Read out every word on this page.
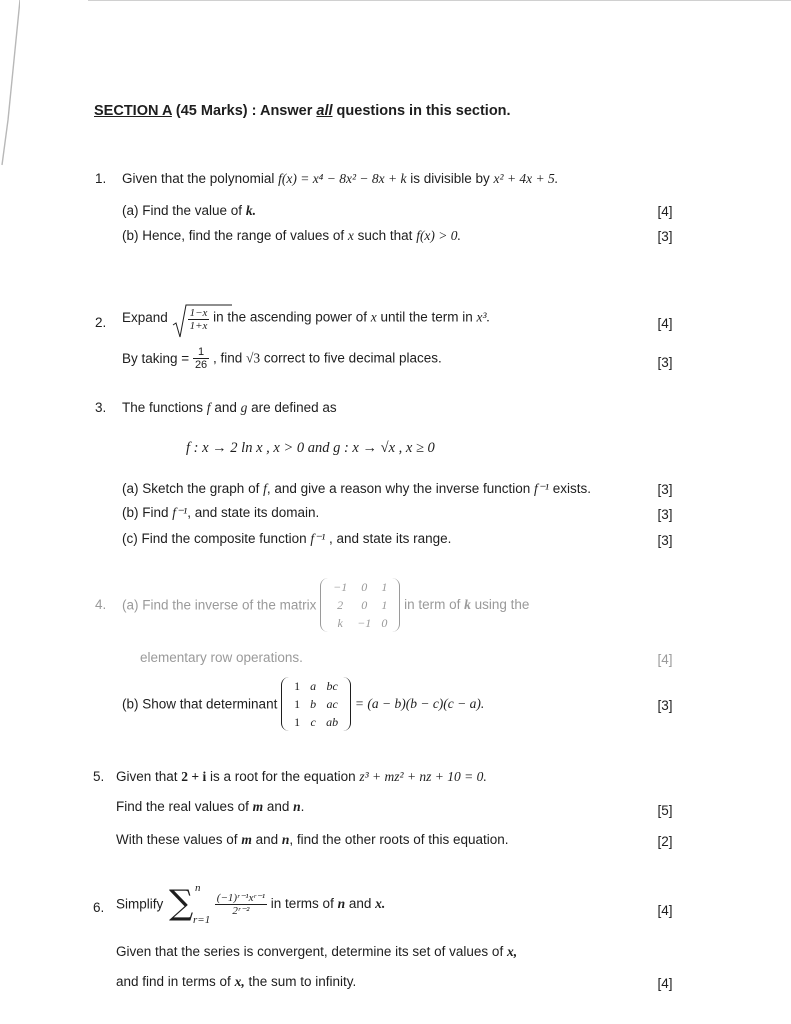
SECTION A (45 Marks) : Answer all questions in this section.
1. Given that the polynomial f(x) = x⁴ − 8x² − 8x + k is divisible by x² + 4x + 5.
(a) Find the value of k.	[4]
(b) Hence, find the range of values of x such that f(x) > 0.	[3]
2. Expand $\frac{1-x}{1+x}$ in the ascending power of x until the term in x³.	[4]
By taking = $\frac{1}{26}$ , find √3 correct to five decimal places.	[3]
3. The functions f and g are defined as
f : x → 2 ln x , x > 0 and g : x → √x , x ≥ 0
(a) Sketch the graph of f, and give a reason why the inverse function f⁻¹ exists.	[3]
(b) Find f⁻¹, and state its domain.	[3]
(c) Find the composite function f⁻¹ , and state its range.	[3]
4. (a) Find the inverse of the matrix
−1	0	1
2	0	1
k	−1	0
in term of k using the
elementary row operations.	[4]
(b) Show that determinant
1	a	bc
1	b	ac
1	c	ab
= (a − b)(b − c)(c − a).	[3]
5. Given that 2 + i is a root for the equation z³ + mz² + nz + 10 = 0.
Find the real values of m and n.	[5]
With these values of m and n, find the other roots of this equation.	[2]
6. Simplify ∑ n
r=1

$\frac{\text{(−1)ʳ⁻¹xʳ⁻¹}}{\text{2ʳ⁻²}}$ in terms of n and x.	[4]
Given that the series is convergent, determine its set of values of x,
and find in terms of x, the sum to infinity.	[4]
